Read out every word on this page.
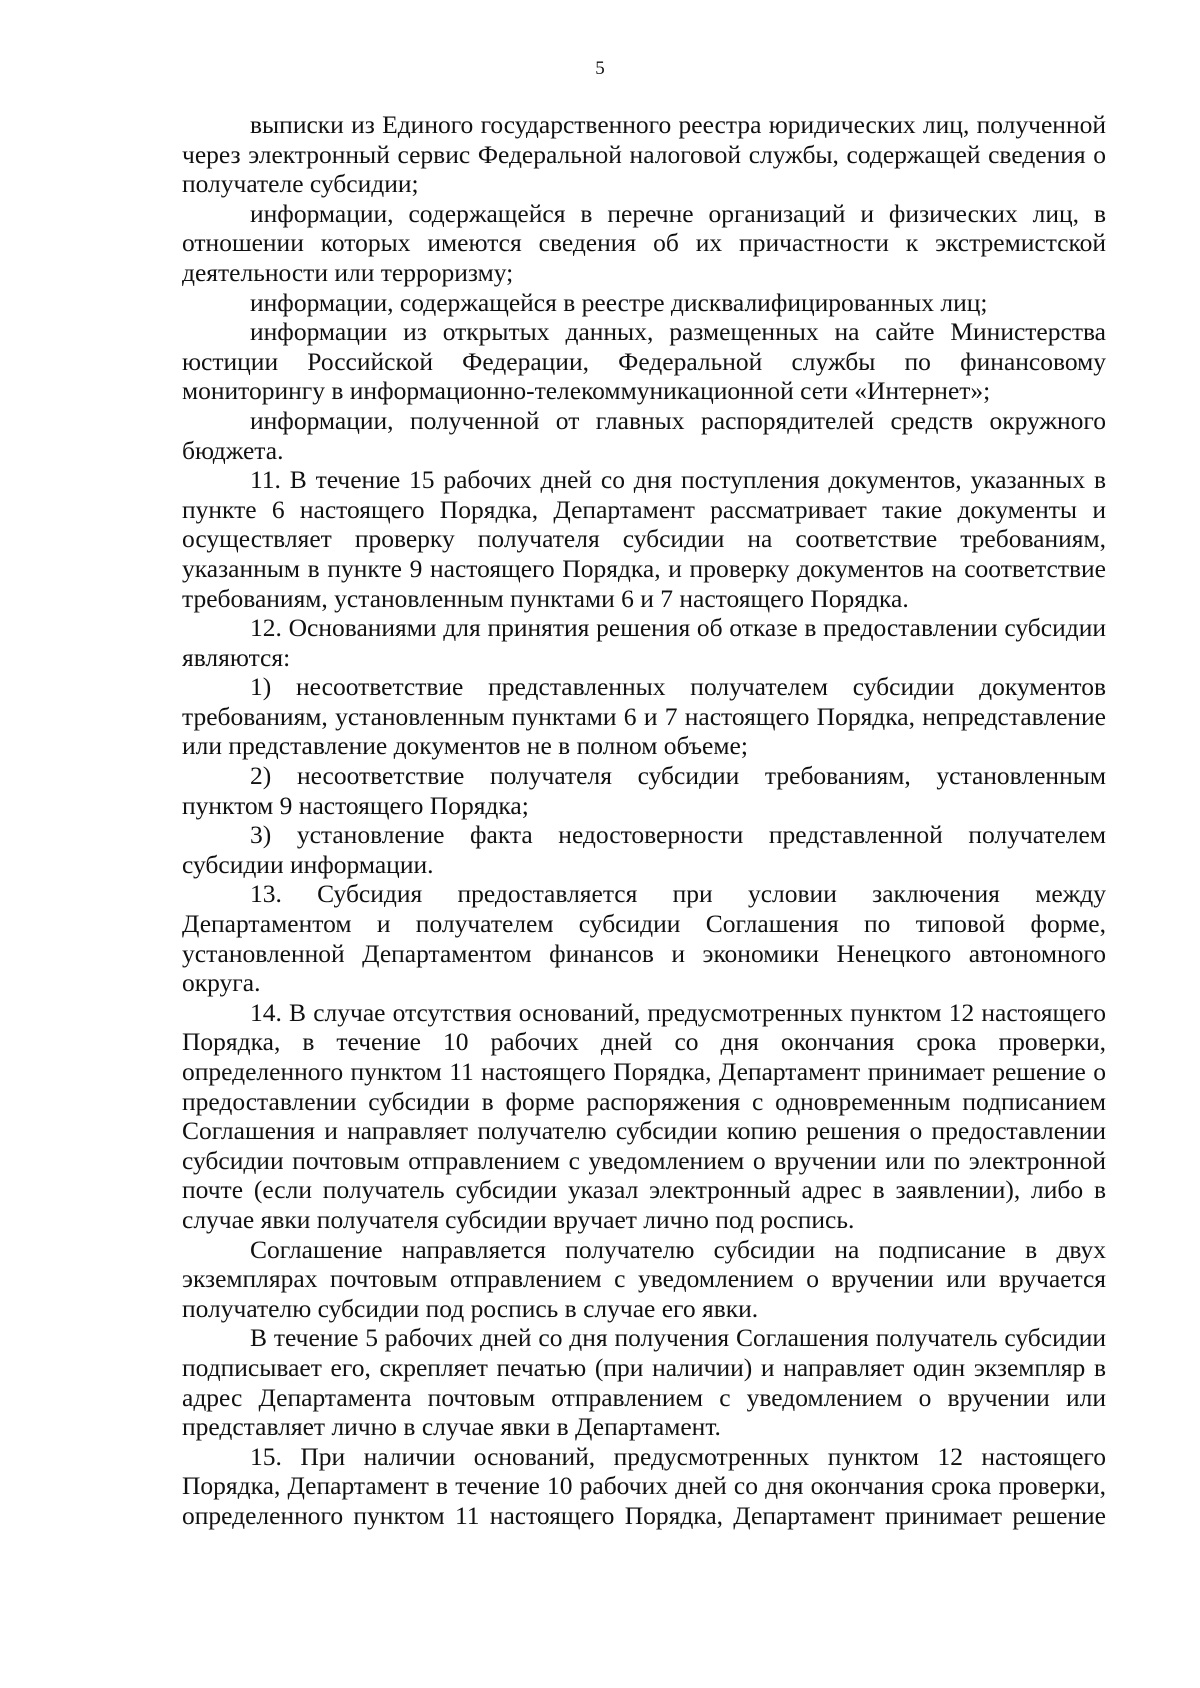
5

выписки из Единого государственного реестра юридических лиц, полученной через электронный сервис Федеральной налоговой службы, содержащей сведения о получателе субсидии;

информации, содержащейся в перечне организаций и физических лиц, в отношении которых имеются сведения об их причастности к экстремистской деятельности или терроризму;

информации, содержащейся в реестре дисквалифицированных лиц;

информации из открытых данных, размещенных на сайте Министерства юстиции Российской Федерации, Федеральной службы по финансовому мониторингу в информационно-телекоммуникационной сети «Интернет»;

информации, полученной от главных распорядителей средств окружного бюджета.

11. В течение 15 рабочих дней со дня поступления документов, указанных в пункте 6 настоящего Порядка, Департамент рассматривает такие документы и осуществляет проверку получателя субсидии на соответствие требованиям, указанным в пункте 9 настоящего Порядка, и проверку документов на соответствие требованиям, установленным пунктами 6 и 7 настоящего Порядка.

12. Основаниями для принятия решения об отказе в предоставлении субсидии являются:

1) несоответствие представленных получателем субсидии документов требованиям, установленным пунктами 6 и 7 настоящего Порядка, непредставление или представление документов не в полном объеме;

2) несоответствие получателя субсидии требованиям, установленным пунктом 9 настоящего Порядка;

3) установление факта недостоверности представленной получателем субсидии информации.

13. Субсидия предоставляется при условии заключения между Департаментом и получателем субсидии Соглашения по типовой форме, установленной Департаментом финансов и экономики Ненецкого автономного округа.

14. В случае отсутствия оснований, предусмотренных пунктом 12 настоящего Порядка, в течение 10 рабочих дней со дня окончания срока проверки, определенного пунктом 11 настоящего Порядка, Департамент принимает решение о предоставлении субсидии в форме распоряжения с одновременным подписанием Соглашения и направляет получателю субсидии копию решения о предоставлении субсидии почтовым отправлением с уведомлением о вручении или по электронной почте (если получатель субсидии указал электронный адрес в заявлении), либо в случае явки получателя субсидии вручает лично под роспись.

Соглашение направляется получателю субсидии на подписание в двух экземплярах почтовым отправлением с уведомлением о вручении или вручается получателю субсидии под роспись в случае его явки.

В течение 5 рабочих дней со дня получения Соглашения получатель субсидии подписывает его, скрепляет печатью (при наличии) и направляет один экземпляр в адрес Департамента почтовым отправлением с уведомлением о вручении или представляет лично в случае явки в Департамент.

15. При наличии оснований, предусмотренных пунктом 12 настоящего Порядка, Департамент в течение 10 рабочих дней со дня окончания срока проверки, определенного пунктом 11 настоящего Порядка, Департамент принимает решение
